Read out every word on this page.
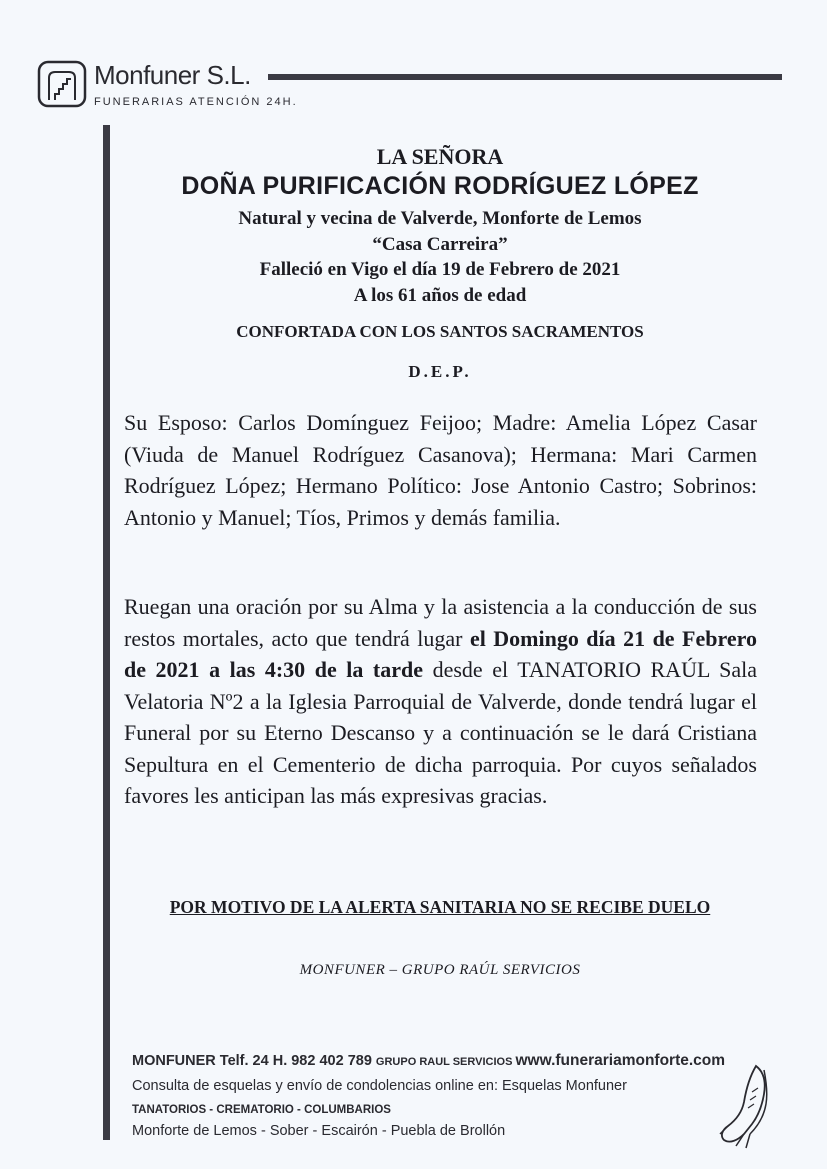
Monfuner S.L.
FUNERARIAS ATENCIÓN 24H.
LA SEÑORA
DOÑA PURIFICACIÓN RODRÍGUEZ LÓPEZ
Natural y vecina de Valverde, Monforte de Lemos
“Casa Carreira”
Falleció en Vigo el día 19 de Febrero de 2021
A los 61 años de edad
CONFORTADA CON LOS SANTOS SACRAMENTOS
D.E.P.
Su Esposo: Carlos Domínguez Feijoo; Madre: Amelia López Casar (Viuda de Manuel Rodríguez Casanova); Hermana: Mari Carmen Rodríguez López; Hermano Político: Jose Antonio Castro; Sobrinos: Antonio y Manuel; Tíos, Primos y demás familia.
Ruegan una oración por su Alma y la asistencia a la conducción de sus restos mortales, acto que tendrá lugar el Domingo día 21 de Febrero de 2021 a las 4:30 de la tarde desde el TANATORIO RAÚL Sala Velatoria Nº2 a la Iglesia Parroquial de Valverde, donde tendrá lugar el Funeral por su Eterno Descanso y a continuación se le dará Cristiana Sepultura en el Cementerio de dicha parroquia. Por cuyos señalados favores les anticipan las más expresivas gracias.
POR MOTIVO DE LA ALERTA SANITARIA NO SE RECIBE DUELO
MONFUNER – GRUPO RAÚL SERVICIOS
MONFUNER Telf. 24 H. 982 402 789 GRUPO RAUL SERVICIOS www.funerariamonforte.com
Consulta de esquelas y envío de condolencias online en: Esquelas Monfuner
TANATORIOS - CREMATORIO - COLUMBARIOS
Monforte de Lemos - Sober - Escairón - Puebla de Brollón
